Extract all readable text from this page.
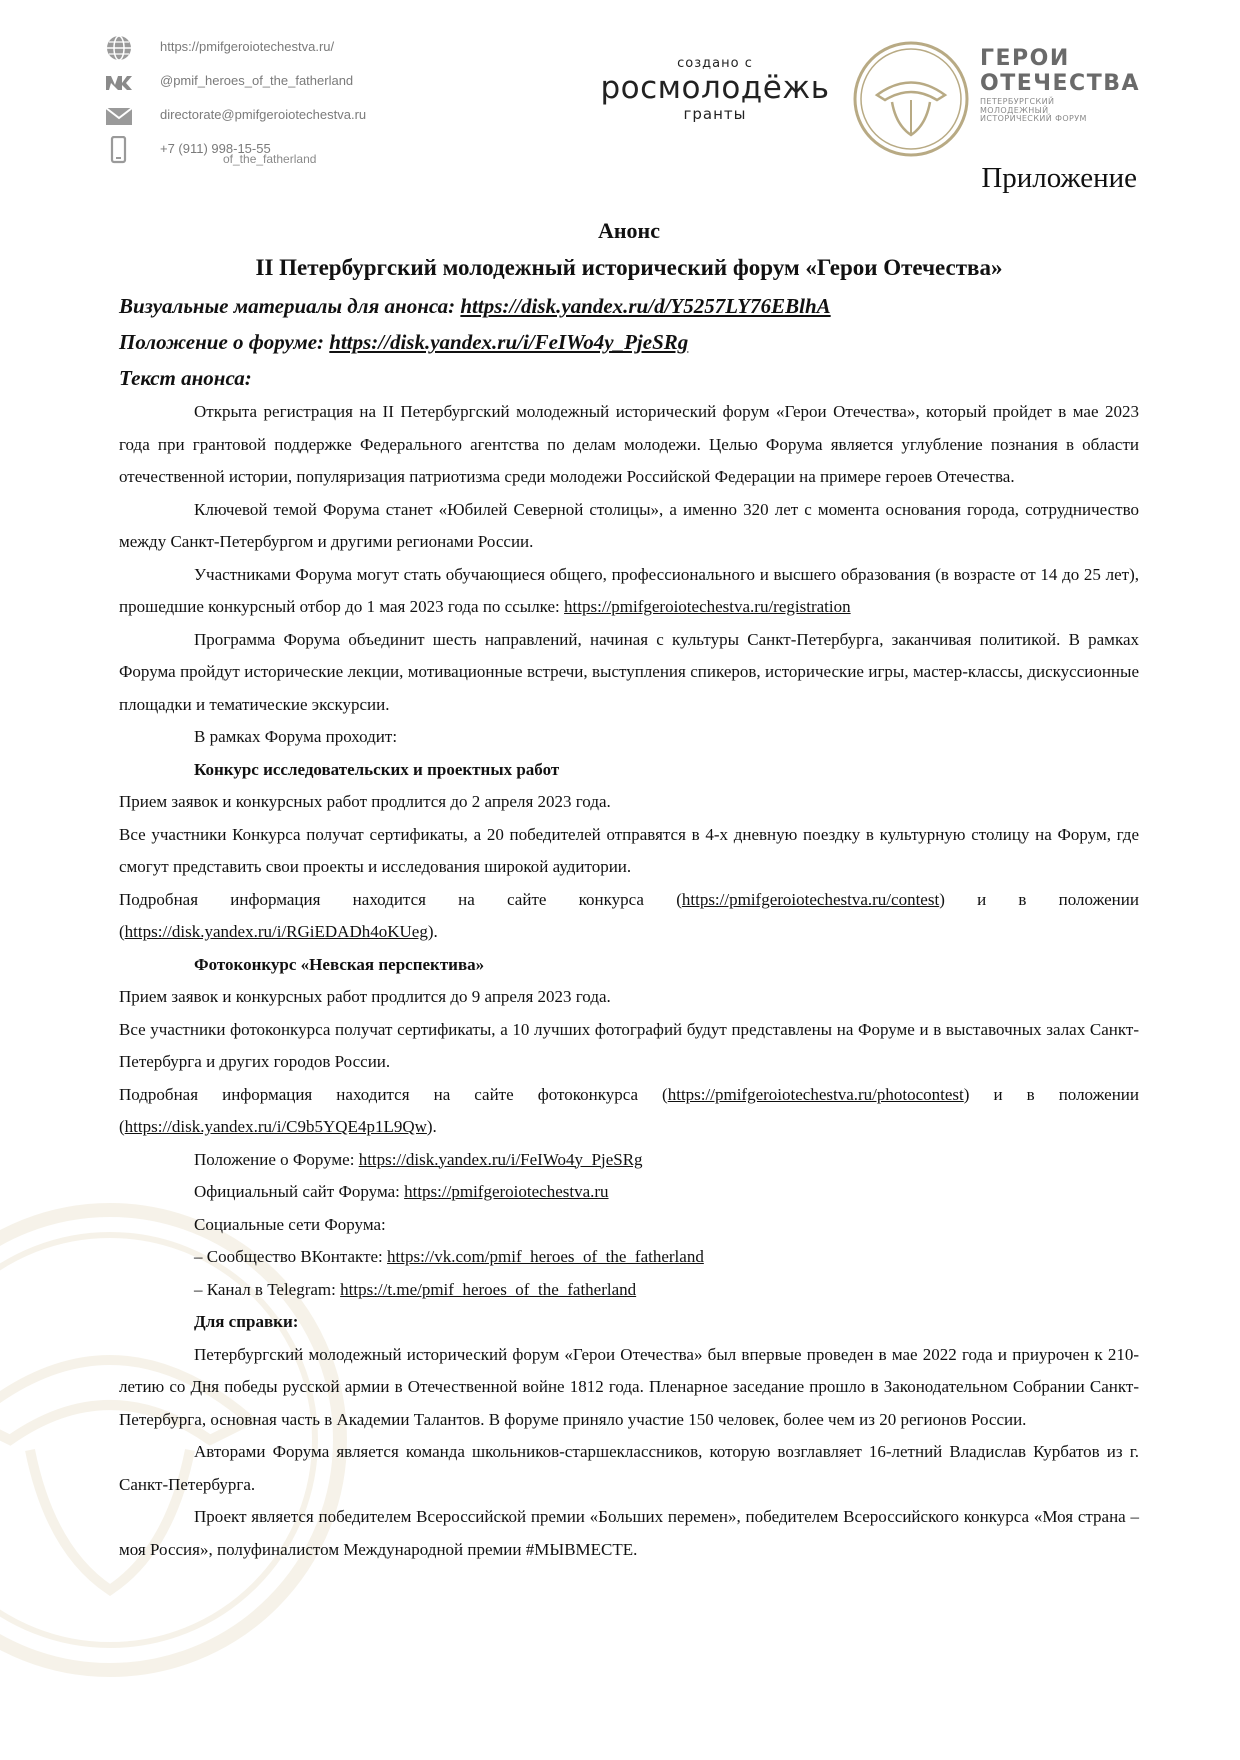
https://pmifgeroiotechestva.ru/
@pmif_heroes_of_the_fatherland
directorate@pmifgeroiotechestva.ru
+7 (911) 998-15-55
of_the_fatherland
создано с
росмолодёжь
гранты
ГЕРОИ
ОТЕЧЕСТВА
ПЕТЕРБУРГСКИЙ МОЛОДЕЖНЫЙ ИСТОРИЧЕСКИЙ ФОРУМ
Приложение

Анонс

II Петербургский молодежный исторический форум «Герои Отечества»

Визуальные материалы для анонса: https://disk.yandex.ru/d/Y5257LY76EBlhA

Положение о форуме: https://disk.yandex.ru/i/FeIWo4y_PjeSRg

Текст анонса:

Открыта регистрация на II Петербургский молодежный исторический форум «Герои Отечества», который пройдет в мае 2023 года при грантовой поддержке Федерального агентства по делам молодежи. Целью Форума является углубление познания в области отечественной истории, популяризация патриотизма среди молодежи Российской Федерации на примере героев Отечества.

Ключевой темой Форума станет «Юбилей Северной столицы», а именно 320 лет с момента основания города, сотрудничество между Санкт-Петербургом и другими регионами России.

Участниками Форума могут стать обучающиеся общего, профессионального и высшего образования (в возрасте от 14 до 25 лет), прошедшие конкурсный отбор до 1 мая 2023 года по ссылке: https://pmifgeroiotechestva.ru/registration

Программа Форума объединит шесть направлений, начиная с культуры Санкт-Петербурга, заканчивая политикой. В рамках Форума пройдут исторические лекции, мотивационные встречи, выступления спикеров, исторические игры, мастер-классы, дискуссионные площадки и тематические экскурсии.

В рамках Форума проходит:

Конкурс исследовательских и проектных работ

Прием заявок и конкурсных работ продлится до 2 апреля 2023 года.

Все участники Конкурса получат сертификаты, а 20 победителей отправятся в 4-х дневную поездку в культурную столицу на Форум, где смогут представить свои проекты и исследования широкой аудитории.

Подробная информация находится на сайте конкурса (https://pmifgeroiotechestva.ru/contest) и в положении (https://disk.yandex.ru/i/RGiEDADh4oKUeg).

Фотоконкурс «Невская перспектива»

Прием заявок и конкурсных работ продлится до 9 апреля 2023 года.

Все участники фотоконкурса получат сертификаты, а 10 лучших фотографий будут представлены на Форуме и в выставочных залах Санкт-Петербурга и других городов России.

Подробная информация находится на сайте фотоконкурса (https://pmifgeroiotechestva.ru/photocontest) и в положении (https://disk.yandex.ru/i/C9b5YQE4p1L9Qw).

Положение о Форуме: https://disk.yandex.ru/i/FeIWo4y_PjeSRg

Официальный сайт Форума: https://pmifgeroiotechestva.ru

Социальные сети Форума:

– Сообщество ВКонтакте: https://vk.com/pmif_heroes_of_the_fatherland

– Канал в Telegram: https://t.me/pmif_heroes_of_the_fatherland

Для справки:

Петербургский молодежный исторический форум «Герои Отечества» был впервые проведен в мае 2022 года и приурочен к 210-летию со Дня победы русской армии в Отечественной войне 1812 года. Пленарное заседание прошло в Законодательном Собрании Санкт-Петербурга, основная часть в Академии Талантов. В форуме приняло участие 150 человек, более чем из 20 регионов России.

Авторами Форума является команда школьников-старшеклассников, которую возглавляет 16-летний Владислав Курбатов из г. Санкт-Петербурга.

Проект является победителем Всероссийской премии «Больших перемен», победителем Всероссийского конкурса «Моя страна – моя Россия», полуфиналистом Международной премии #МЫВМЕСТЕ.
